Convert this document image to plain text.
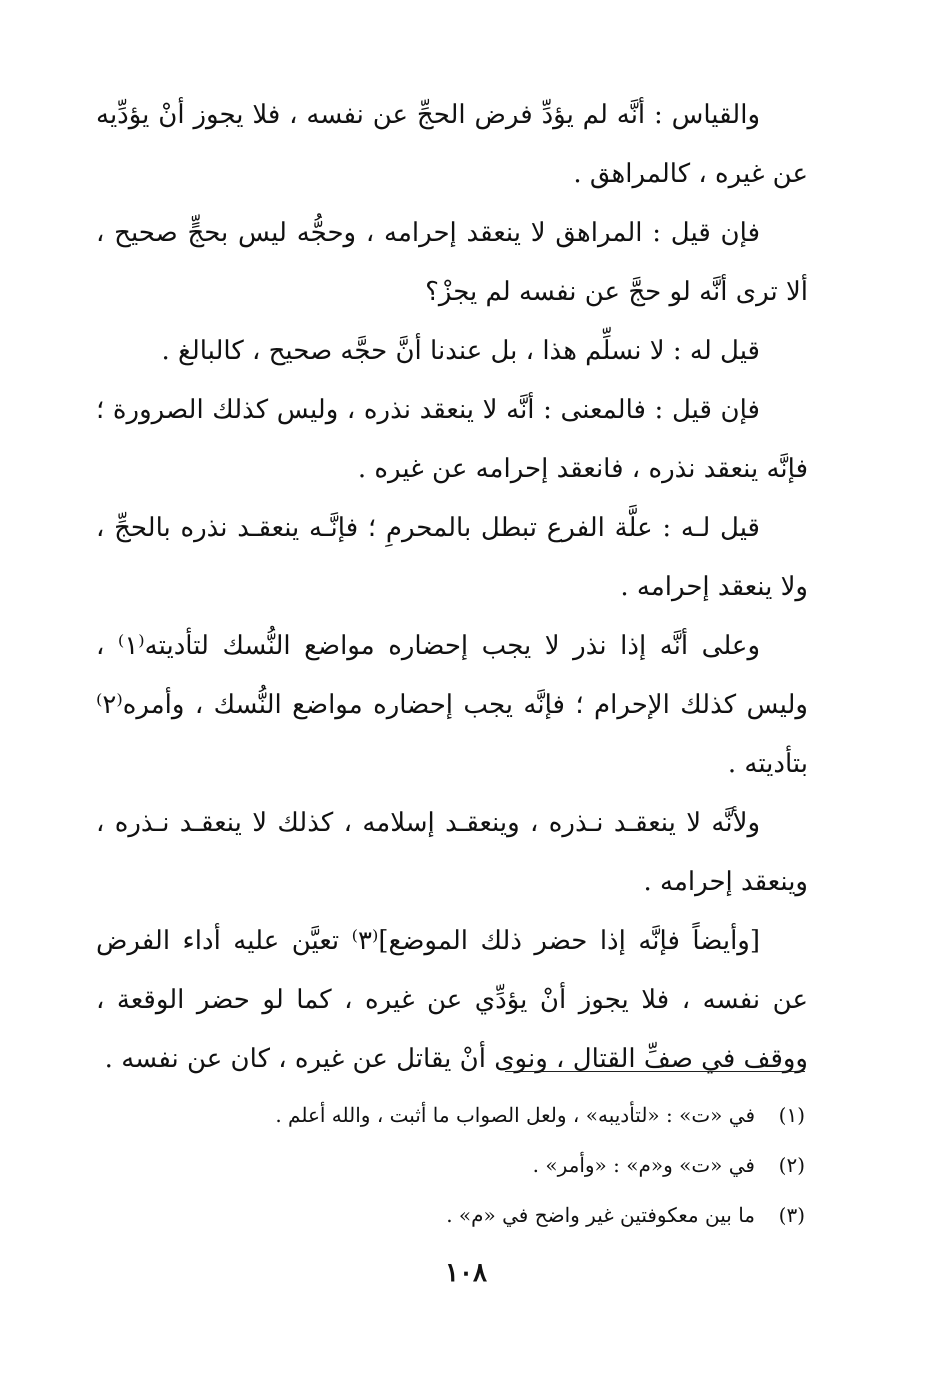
والقياس : أنَّه لم يؤدِّ فرض الحجِّ عن نفسه ، فلا يجوز أنْ يؤدِّيه عن غيره ، كالمراهق .

فإن قيل : المراهق لا ينعقد إحرامه ، وحجُّه ليس بحجٍّ صحيح ، ألا ترى أنَّه لو حجَّ عن نفسه لم يجزْ؟

قيل له : لا نسلِّم هذا ، بل عندنا أنَّ حجَّه صحيح ، كالبالغ .

فإن قيل : فالمعنى : أنَّه لا ينعقد نذره ، وليس كذلك الصرورة ؛ فإنَّه ينعقد نذره ، فانعقد إحرامه عن غيره .

قيل لـه : علَّة الفرع تبطل بالمحرمِ ؛ فإنَّـه ينعقـد نذره بالحجِّ ، ولا ينعقد إحرامه .

وعلى أنَّه إذا نذر لا يجب إحضاره مواضع النُّسك لتأديته⁽١⁾ ، وليس كذلك الإحرام ؛ فإنَّه يجب إحضاره مواضع النُّسك ، وأمره⁽٢⁾ بتأديته .

ولأنَّه لا ينعقـد نـذره ، وينعقـد إسلامه ، كذلك لا ينعقـد نـذره ، وينعقد إحرامه .

[وأيضاً فإنَّه إذا حضر ذلك الموضع]⁽٣⁾ تعيَّن عليه أداء الفرض عن نفسه ، فلا يجوز أنْ يؤدِّي عن غيره ، كما لو حضر الوقعة ، ووقف في صفِّ القتال ، ونوى أنْ يقاتل عن غيره ، كان عن نفسه .

(١)
في «ت» : «لتأديبه» ، ولعل الصواب ما أثبت ، والله أعلم .
(٢)
في «ت» و«م» : «وأمر» .
(٣)
ما بين معكوفتين غير واضح في «م» .
١٠٨
